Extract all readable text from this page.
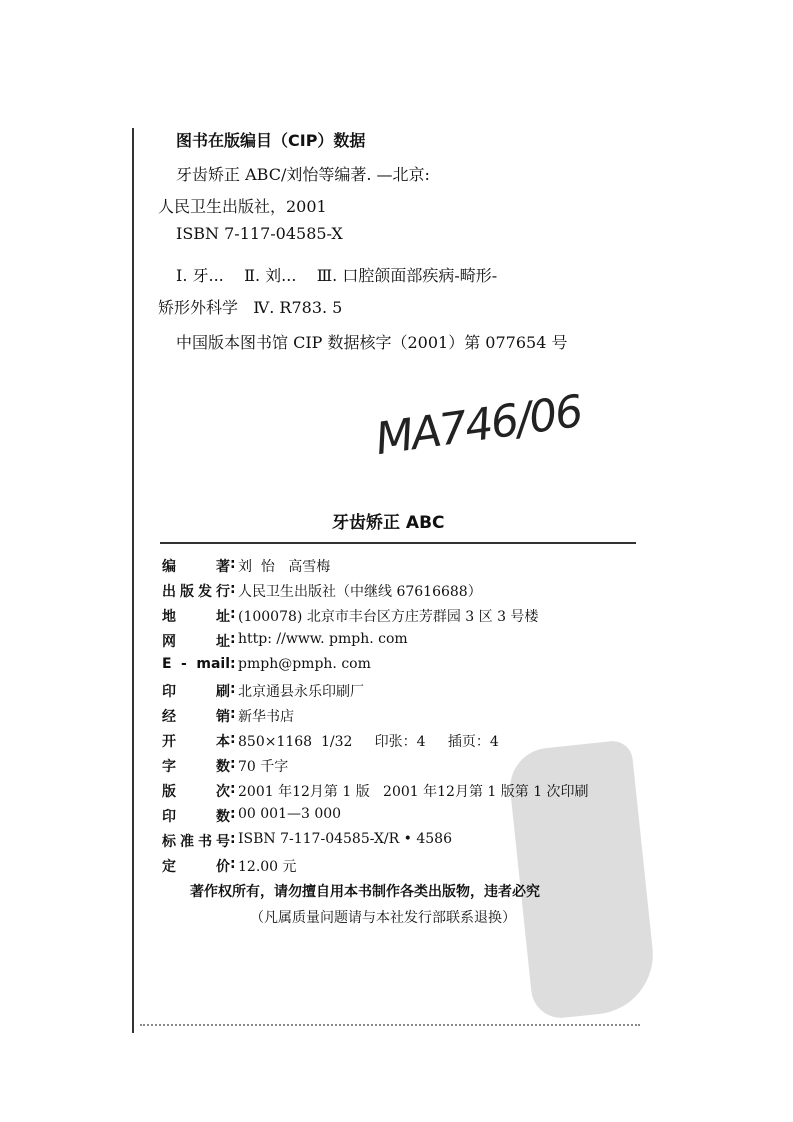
图书在版编目（CIP）数据
牙齿矫正 ABC/刘怡等编著. —北京:
人民卫生出版社，2001
ISBN 7-117-04585-X
Ⅰ. 牙...    Ⅱ. 刘...    Ⅲ. 口腔颌面部疾病-畸形-
矫形外科学   Ⅳ. R783. 5
中国版本图书馆 CIP 数据核字（2001）第 077654 号
MA746/06
牙齿矫正 ABC
编著 : 刘  怡   高雪梅
出版发行 : 人民卫生出版社（中继线 67616688）
地址 : (100078) 北京市丰台区方庄芳群园 3 区 3 号楼
网址 : http: //www. pmph. com
E - mail : pmph@pmph. com
印刷 : 北京通县永乐印刷厂
经销 : 新华书店
开本 : 850×1168  1/32     印张：4     插页：4
字数 : 70 千字
版次 : 2001 年12月第 1 版   2001 年12月第 1 版第 1 次印刷
印数 : 00 001—3 000
标准书号 : ISBN 7-117-04585-X/R • 4586
定价 : 12.00 元
著作权所有，请勿擅自用本书制作各类出版物，违者必究
（凡属质量问题请与本社发行部联系退换）
